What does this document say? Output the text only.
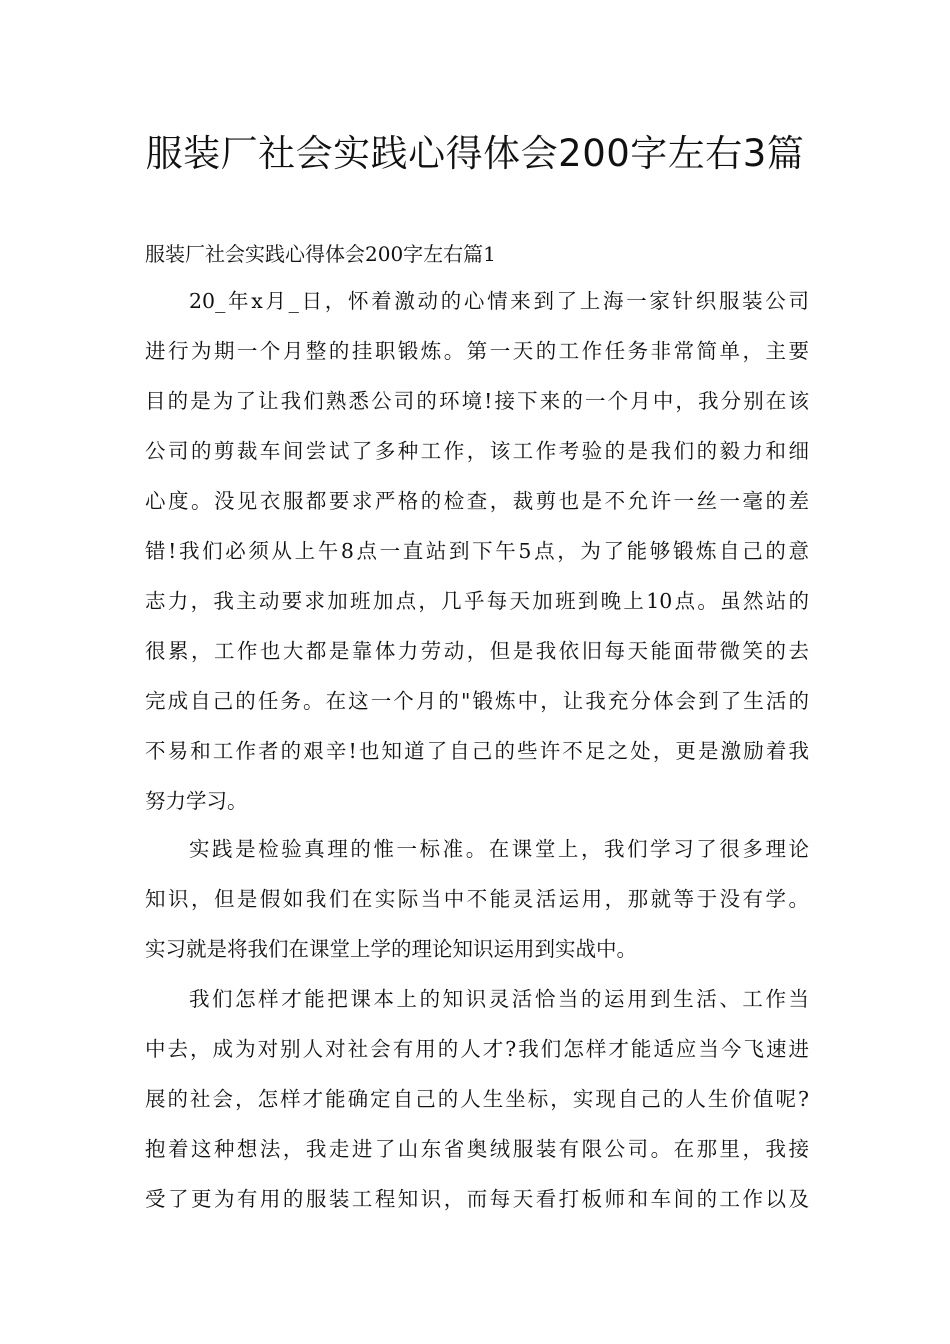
服装厂社会实践心得体会200字左右3篇

服装厂社会实践心得体会200字左右篇1

20_年x月_日，怀着激动的心情来到了上海一家针织服装公司
进行为期一个月整的挂职锻炼。第一天的工作任务非常简单，主要
目的是为了让我们熟悉公司的环境!接下来的一个月中，我分别在该
公司的剪裁车间尝试了多种工作，该工作考验的是我们的毅力和细
心度。没见衣服都要求严格的检查，裁剪也是不允许一丝一毫的差
错!我们必须从上午8点一直站到下午5点，为了能够锻炼自己的意
志力，我主动要求加班加点，几乎每天加班到晚上10点。虽然站的
很累，工作也大都是靠体力劳动，但是我依旧每天能面带微笑的去
完成自己的任务。在这一个月的"锻炼中，让我充分体会到了生活的
不易和工作者的艰辛!也知道了自己的些许不足之处，更是激励着我
努力学习。
实践是检验真理的惟一标准。在课堂上，我们学习了很多理论
知识，但是假如我们在实际当中不能灵活运用，那就等于没有学。
实习就是将我们在课堂上学的理论知识运用到实战中。
我们怎样才能把课本上的知识灵活恰当的运用到生活、工作当
中去，成为对别人对社会有用的人才?我们怎样才能适应当今飞速进
展的社会，怎样才能确定自己的人生坐标，实现自己的人生价值呢?
抱着这种想法，我走进了山东省奥绒服装有限公司。在那里，我接
受了更为有用的服装工程知识，而每天看打板师和车间的工作以及
